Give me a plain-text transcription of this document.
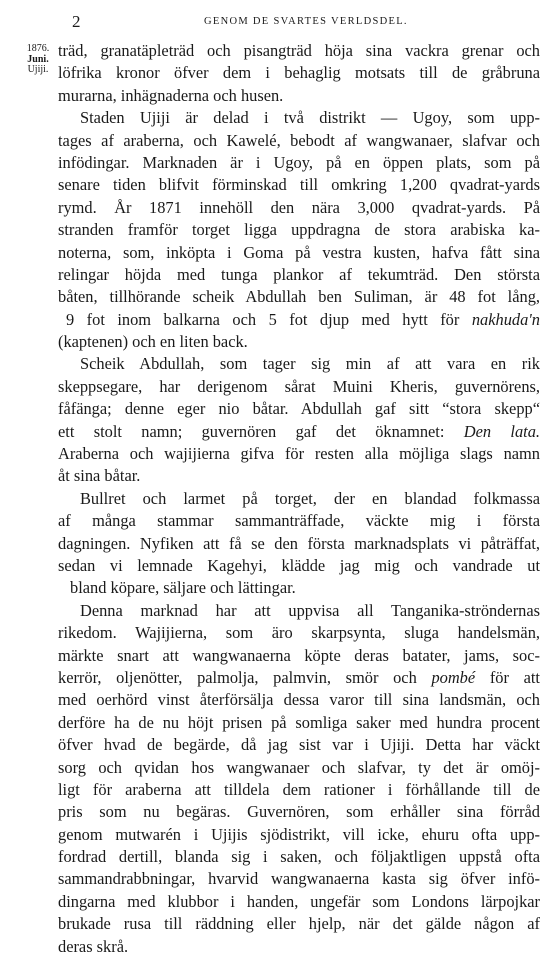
2	GENOM DE SVARTES VERLDSDEL.
1876.
Juni.
Ujiji.
träd, granatäpleträd och pisangträd höja sina vackra grenar och
löfrika kronor öfver dem i behaglig motsats till de gråbruna
murarna, inhägnaderna och husen.
Staden Ujiji är delad i två distrikt — Ugoy, som upp-
tages af araberna, och Kawelé, bebodt af wangwanaer, slafvar och
infödingar. Marknaden är i Ugoy, på en öppen plats, som på
senare tiden blifvit förminskad till omkring 1,200 qvadrat-yards
rymd. År 1871 innehöll den nära 3,000 qvadrat-yards. På
stranden framför torget ligga uppdragna de stora arabiska ka-
noterna, som, inköpta i Goma på vestra kusten, hafva fått sina
relingar höjda med tunga plankor af tekumträd. Den största
båten, tillhörande scheik Abdullah ben Suliman, är 48 fot lång,
9 fot inom balkarna och 5 fot djup med hytt för nakhuda'n
(kaptenen) och en liten back.
Scheik Abdullah, som tager sig min af att vara en rik
skeppsegare, har derigenom sårat Muini Kheris, guvernörens,
fåfänga; denne eger nio båtar. Abdullah gaf sitt “stora skepp“
ett stolt namn; guvernören gaf det öknamnet: Den lata.
Araberna och wajijierna gifva för resten alla möjliga slags namn
åt sina båtar.
Bullret och larmet på torget, der en blandad folkmassa
af många stammar sammanträffade, väckte mig i första
dagningen. Nyfiken att få se den första marknadsplats vi påträffat,
sedan vi lemnade Kagehyi, klädde jag mig och vandrade ut
bland köpare, säljare och lättingar.
Denna marknad har att uppvisa all Tanganika-ströndernas
rikedom. Wajijierna, som äro skarpsynta, sluga handelsmän,
märkte snart att wangwanaerna köpte deras batater, jams, soc-
kerrör, oljenötter, palmolja, palmvin, smör och pombé för att
med oerhörd vinst återförsälja dessa varor till sina landsmän, och
derföre ha de nu höjt prisen på somliga saker med hundra procent
öfver hvad de begärde, då jag sist var i Ujiji. Detta har väckt
sorg och qvidan hos wangwanaer och slafvar, ty det är omöj-
ligt för araberna att tilldela dem rationer i förhållande till de
pris som nu begäras. Guvernören, som erhåller sina förråd
genom mutwarén i Ujijis sjödistrikt, vill icke, ehuru ofta upp-
fordrad dertill, blanda sig i saken, och följaktligen uppstå ofta
sammandrabbningar, hvarvid wangwanaerna kasta sig öfver infö-
dingarna med klubbor i handen, ungefär som Londons lärpojkar
brukade rusa till räddning eller hjelp, när det gälde någon af
deras skrå.
